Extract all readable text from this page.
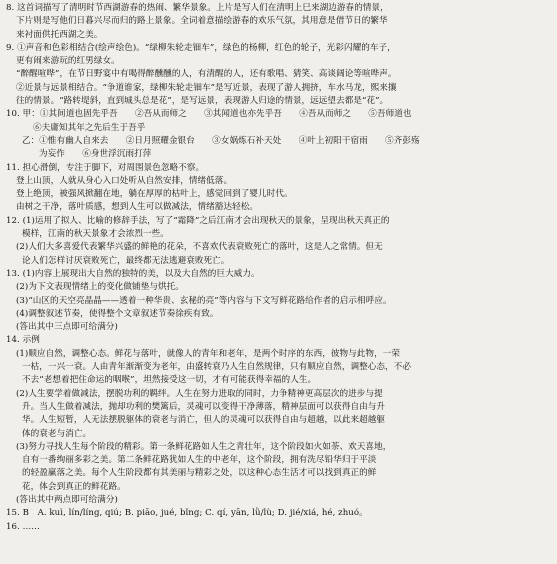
8. 这首词描写了清明时节西湖游春的热闹、繁华景象。上片是写人们在清明上巳来湖边游春的情景，
下片则是写他们日暮兴尽而归的路上景象。全词着意描绘游春的欢乐气氛，其用意是借节日的繁华
来衬面供托西湖之美。
9. ①声音和色彩相结合(绘声绘色)。“绿柳朱轮走钿车”，绿色的杨柳，红色的轮子，光彩闪耀的车子，
更有闹来游玩的红男绿女。
“醉醒喧哗”，在节日野宴中有喝得醉醺醺的人，有清醒的人，还有歌唱、猜笑、高谈阔论等喧哗声。
②近景与远景相结合。“争道谁家，绿柳朱轮走钿车”是写近景，表现了游人拥挤，车水马龙，熙来攘
往的情景。“路转堤斜，直到城头总是花”，是写远景，表现游人归途的情景，远远望去都是“花”。
10. 甲：①其间道也固先乎吾　　②吾从而师之　　③其闻道也亦先乎吾　　④吾从而师之　　⑤吾师道也
⑥夫庸知其年之先后生于吾乎
乙：①惟有幽人自来去　　②日月照耀金银台　　③女娲炼石补天处　　④叶上初阳干宿雨　　⑤齐彭殇
为妄作　　⑥身世浮沉雨打萍
11. 担心滑倒，专注于脚下，对周围景色忽略不察。
登上山顶，人就从身心入口处听从自然安排，情绪低落。
登上绝顶，被强风掀翻在地，躺在厚厚的枯叶上，感觉回到了婴儿时代。
由树之干净，落叶质感，想到人生可以做减法，情绪豁达轻松。
12. (1)运用了拟人、比喻的修辞手法，写了“霜降”之后江南才会出现秋天的景象，呈现出秋天真正的
模样，江南的秋天景象才会浓烈一些。
(2)人们大多喜爱代表繁华兴盛的鲜艳的花朵，不喜欢代表衰败死亡的落叶，这是人之常情。但无
论人们怎样讨厌衰败死亡，最终都无法逃避衰败死亡。
13. (1)内容上展现出大自然的独特的美，以及大自然的巨大威力。
(2)为下文表现情绪上的变化做铺垫与烘托。
(3)“山区的天空亮晶晶——透着一种华贵、玄秘的亮”等内容与下文写鲜花路给作者的启示相呼应。
(4)调整叙述节奏，使得整个文章叙述节奏徐疾有致。
(答出其中三点即可给满分)
14. 示例
(1)顺应自然，调整心态。鲜花与落叶，就像人的青年和老年，是两个时序的东西，彼物与此物，一荣
一枯，一兴一衰。人由青年渐渐变为老年，由盛转衰乃人生自然规律，只有顺应自然，调整心态，不必
不去“老想着把住命运的咽喉”，坦然接受这一切，才有可能获得幸福的人生。
(2)人生要学着做减法，摆脱功利的羁绊。人生在努力进取的同时，力争精神更高层次的进步与提
升。当人生做着减法，抛却功利的樊篱后，灵魂可以变得干净薄落，精神层面可以获得自由与升
华。人生短暂，人无法摆脱躯体的衰老与消亡，但人的灵魂可以获得自由与超越，以此来超越躯
体的衰老与消亡。
(3)努力寻找人生每个阶段的精彩。第一条鲜花路如人生之青壮年，这个阶段如火如荼、欢天喜地，
自有一番绚丽多彩之美。第二条鲜花路犹如人生的中老年，这个阶段，拥有洗尽铅华归于平淡
的轻盈赢落之美。每个人生阶段都有其美丽与精彩之处，以这种心态生活才可以找到真正的鲜
花，体会到真正的鲜花路。
(答出其中两点即可给满分)
15. B　A. kuì, lín/líng, qiú; B. piāo, jué, bǐng; C. qí, yān, lǜ/lù; D. jié/xiá, hé, zhuó。
16. ……
